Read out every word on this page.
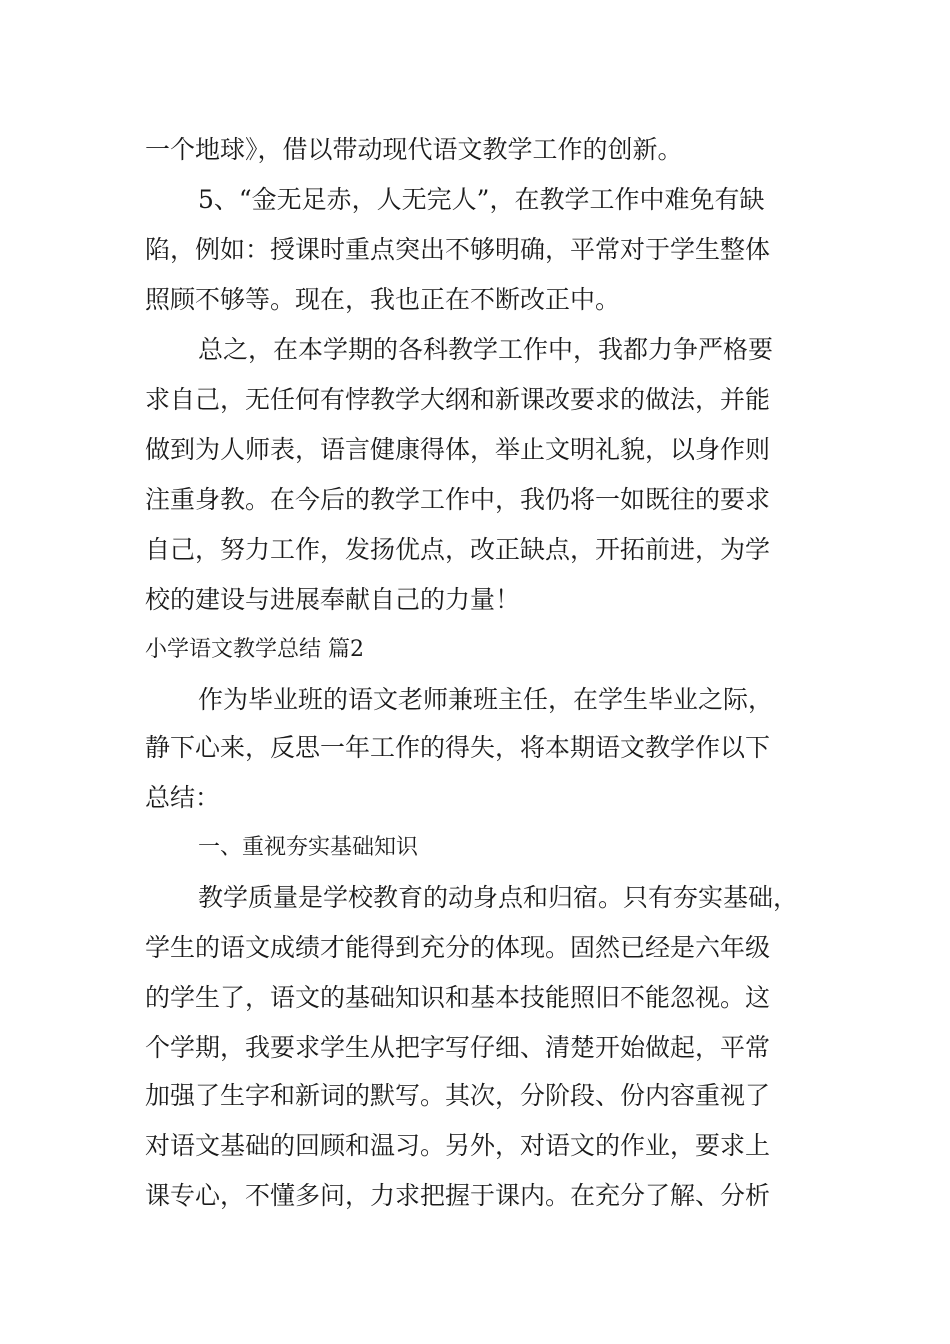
一个地球》，借以带动现代语文教学工作的创新。

5、“金无足赤，人无完人”，在教学工作中难免有缺

陷，例如：授课时重点突出不够明确，平常对于学生整体

照顾不够等。现在，我也正在不断改正中。

总之，在本学期的各科教学工作中，我都力争严格要

求自己，无任何有悖教学大纲和新课改要求的做法，并能

做到为人师表，语言健康得体，举止文明礼貌，以身作则

注重身教。在今后的教学工作中，我仍将一如既往的要求

自己，努力工作，发扬优点，改正缺点，开拓前进，为学

校的建设与进展奉献自己的力量！

小学语文教学总结 篇2

作为毕业班的语文老师兼班主任，在学生毕业之际，

静下心来，反思一年工作的得失，将本期语文教学作以下

总结：

一、重视夯实基础知识

教学质量是学校教育的动身点和归宿。只有夯实基础，

学生的语文成绩才能得到充分的体现。固然已经是六年级

的学生了，语文的基础知识和基本技能照旧不能忽视。这

个学期，我要求学生从把字写仔细、清楚开始做起，平常

加强了生字和新词的默写。其次，分阶段、份内容重视了

对语文基础的回顾和温习。另外，对语文的作业，要求上

课专心，不懂多问，力求把握于课内。在充分了解、分析
